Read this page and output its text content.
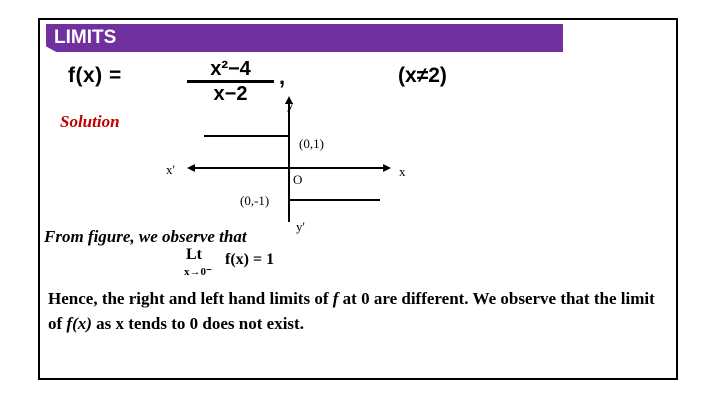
LIMITS
f(x) =	x²−4
x−2
,	(x≠2)
Solution
y
(0,1)
x'
O
x
(0,-1)
y'
From figure, we observe that
Lt f(x) = 1
x→0⁻
Hence, the right and left hand limits of f at 0 are different. We observe that the limit of f(x) as x tends to 0 does not exist.
